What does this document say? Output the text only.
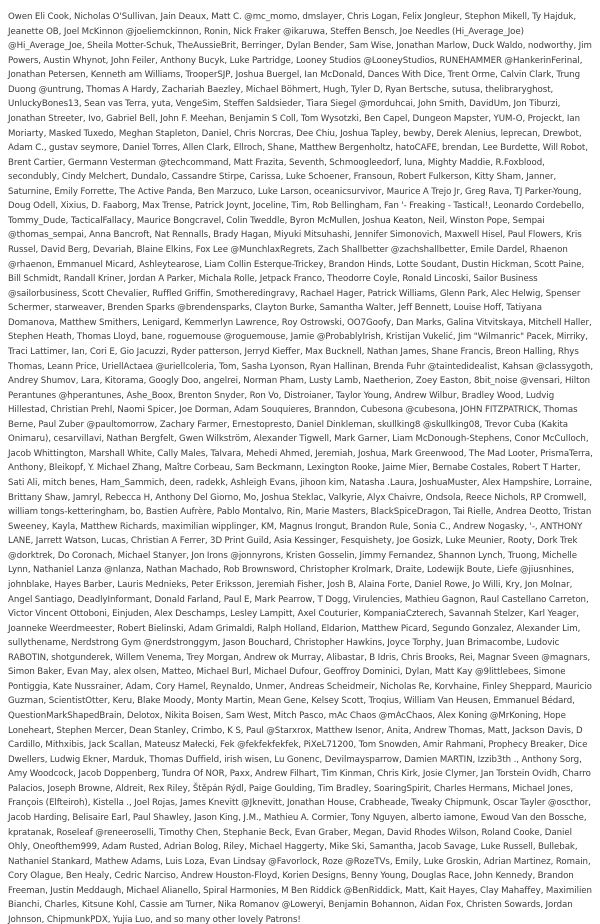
Owen Eli Cook, Nicholas O'Sullivan, Jain Deaux, Matt C. @mc_momo, dmslayer, Chris Logan, Felix Jongleur, Stephon Mikell, Ty Hajduk, Jeanette OB, Joel McKinnon @joeliemckinnon, Ronin, Nick Fraker @ikaruwa, Steffen Bensch, Joe Needles (Hi_Average_Joe) @Hi_Average_Joe, Sheila Motter-Schuk, TheAussieBrit, Berringer, Dylan Bender, Sam Wise, Jonathan Marlow, Duck Waldo, nodworthy, Jim Powers, Austin Whynot, John Feiler, Anthony Bucyk, Luke Partridge, Looney Studios @LooneyStudios, RUNEHAMMER @HankerinFerinal, Jonathan Petersen, Kenneth am Williams, TrooperSJP, Joshua Buergel, Ian McDonald, Dances With Dice, Trent Orme, Calvin Clark, Trung Duong @untrung, Thomas A Hardy, Zachariah Baezley, Michael Böhmert, Hugh, Tyler D, Ryan Bertsche, sutusa, thelibraryghost, UnluckyBones13, Sean vas Terra, yuta, VengeSim, Steffen Saldsieder, Tiara Siegel @morduhcai, John Smith, DavidUm, Jon Tiburzi, Jonathan Streeter, Ivo, Gabriel Bell, John F. Meehan, Benjamin S Coll, Tom Wysotzki, Ben Capel, Dungeon Mapster, YUM-O, Projeckt, Ian Moriarty, Masked Tuxedo, Meghan Stapleton, Daniel, Chris Norcras, Dee Chiu, Joshua Tapley, bewby, Derek Alenius, leprecan, Drewbot, Adam C., gustav seymore, Daniel Torres, Allen Clark, Ellroch, Shane, Matthew Bergenholtz, hatoCAFE, brendan, Lee Burdette, Will Robot, Brent Cartier, Germann Vesterman @techcommand, Matt Frazita, Seventh, Schmoogleedorf, luna, Mighty Maddie, R.Foxblood, secondubly, Cindy Melchert, Dundalo, Cassandre Stirpe, Carissa, Luke Schoener, Fransoun, Robert Fulkerson, Kitty Sham, Janner, Saturnine, Emily Forrette, The Active Panda, Ben Marzuco, Luke Larson, oceanicsurvivor, Maurice A Trejo Jr, Greg Rava, TJ Parker-Young, Doug Odell, Xixius, D. Faaborg, Max Trense, Patrick Joynt, Joceline, Tim, Rob Bellingham, Fan '- Freaking - Tastical!, Leonardo Cordebello, Tommy_Dude, TacticalFallacy, Maurice Bongcravel, Colin Tweddle, Byron McMullen, Joshua Keaton, Neil, Winston Pope, Sempai @thomas_sempai, Anna Bancroft, Nat Rennalls, Brady Hagan, Miyuki Mitsuhashi, Jennifer Simonovich, Maxwell Hisel, Paul Flowers, Kris Russel, David Berg, Devariah, Blaine Elkins, Fox Lee @MunchlaxRegrets, Zach Shallbetter @zachshallbetter, Emile Dardel, Rhaenon @rhaenon, Emmanuel Micard, Ashleytearose, Liam Collin Esterque-Trickey, Brandon Hinds, Lotte Soudant, Dustin Hickman, Scott Paine, Bill Schmidt, Randall Kriner, Jordan A Parker, Michala Rolle, Jetpack Franco, Theodorre Coyle, Ronald Lincoski, Sailor Business @sailorbusiness, Scott Chevalier, Ruffled Griffin, Smotheredingravy, Rachael Hager, Patrick Williams, Glenn Park, Alec Helwig, Spenser Schermer, starweaver, Brenden Sparks @brendensparks, Clayton Burke, Samantha Walter, Jeff Bennett, Louise Hoff, Tatiyana Domanova, Matthew Smithers, Lenigard, Kemmerlyn Lawrence, Roy Ostrowski, OO7Goofy, Dan Marks, Galina Vitvitskaya, Mitchell Haller, Stephen Heath, Thomas Lloyd, bane, roguemouse @roguemouse, Jamie @ProbablyIrish, Kristijan Vukelić, Jim "Wilmanric" Pacek, Mirriky, Traci Lattimer, Ian, Cori E, Gio Jacuzzi, Ryder patterson, Jerryd Kieffer, Max Bucknell, Nathan James, Shane Francis, Breon Halling, Rhys Thomas, Leann Price, UriellActaea @uriellcoleria, Tom, Sasha Lyonson, Ryan Hallinan, Brenda Fuhr @taintedidealist, Kahsan @classygoth, Andrey Shumov, Lara, Kitorama, Googly Doo, angelrei, Norman Pham, Lusty Lamb, Naetherion, Zoey Easton, 8bit_noise @vensari, Hilton Perantunes @hperantunes, Ashe_Boox, Brenton Snyder, Ron Vo, Distroianer, Taylor Young, Andrew Wilbur, Bradley Wood, Ludvig Hillestad, Christian Prehl, Naomi Spicer, Joe Dorman, Adam Souquieres, Branndon, Cubesona @cubesona, JOHN FITZPATRICK, Thomas Berne, Paul Zuber @paultomorrow, Zachary Farmer, Ernestopresto, Daniel Dinkleman, skullking8 @skullking08, Trevor Cuba (Kakita Onimaru), cesarvillavi, Nathan Bergfelt, Gwen Wilkström, Alexander Tigwell, Mark Garner, Liam McDonough-Stephens, Conor McCulloch, Jacob Whittington, Marshall White, Cally Males, Talvara, Mehedi Ahmed, Jeremiah, Joshua, Mark Greenwood, The Mad Looter, PrismaTerra, Anthony, Bleikopf, Y. Michael Zhang, Maître Corbeau, Sam Beckmann, Lexington Rooke, Jaime Mier, Bernabe Costales, Robert T Harter, Sati Ali, mitch benes, Ham_Sammich, deen, radekk, Ashleigh Evans, jihoon kim, Natasha .Laura, JoshuaMuster, Alex Hampshire, Lorraine, Brittany Shaw, Jamryl, Rebecca H, Anthony Del Giorno, Mo, Joshua Steklac, Valkyrie, Alyx Chaivre, Ondsola, Reece Nichols, RP Cromwell, william tongs-ketteringham, bo, Bastien Aufrère, Pablo Montalvo, Rin, Marie Masters, BlackSpiceDragon, Tai Rielle, Andrea Deotto, Tristan Sweeney, Kayla, Matthew Richards, maximilian wipplinger, KM, Magnus Irongut, Brandon Rule, Sonia C., Andrew Nogasky, '-, ANTHONY LANE, Jarrett Watson, Lucas, Christian A Ferrer, 3D Print Guild, Asia Kessinger, Fesquishety, Joe Gosizk, Luke Meunier, Rooty, Dork Trek @dorktrek, Do Coronach, Michael Stanyer, Jon Irons @jonnyrons, Kristen Gosselin, Jimmy Fernandez, Shannon Lynch, Truong, Michelle Lynn, Nathaniel Lanza @nlanza, Nathan Machado, Rob Brownsword, Christopher Krolmark, Draite, Lodewijk Boute, Liefe @jiusnhines, johnblake, Hayes Barber, Lauris Mednieks, Peter Eriksson, Jeremiah Fisher, Josh B, Alaina Forte, Daniel Rowe, Jo Willi, Kry, Jon Molnar, Angel Santiago, DeadlyInformant, Donald Farland, Paul E, Mark Pearrow, T Dogg, Virulencies, Mathieu Gagnon, Raul Castellano Carreton, Victor Vincent Ottoboni, Einjuden, Alex Deschamps, Lesley Lampitt, Axel Couturier, KompaniaCzterech, Savannah Stelzer, Karl Yeager, Joanneke Weerdmeester, Robert Bielinski, Adam Grimaldi, Ralph Holland, Eldarion, Matthew Picard, Segundo Gonzalez, Alexander Lim, sullythename, Nerdstrong Gym @nerdstronggym, Jason Bouchard, Christopher Hawkins, Joyce Torphy, Juan Brimacombe, Ludovic RABOTIN, shotgunderek, Willem Venema, Trey Morgan, Andrew ok Murray, Alibastar, B Idris, Chris Brooks, Rei, Magnar Sveen @magnars, Simon Baker, Evan May, alex olsen, Matteo, Michael Burl, Michael Dufour, Geoffroy Dominici, Dylan, Matt Kay @9littlebees, Simone Pontiggia, Kate Nussrainer, Adam, Cory Hamel, Reynaldo, Unmer, Andreas Scheidmeir, Nicholas Re, Korvhaine, Finley Sheppard, Mauricio Guzman, ScientistOtter, Keru, Blake Moody, Monty Martin, Mean Gene, Kelsey Scott, Troqius, William Van Heusen, Emmanuel Bédard, QuestionMarkShapedBrain, Delotox, Nikita Boisen, Sam West, Mitch Pasco, mAc Chaos @mAcChaos, Alex Koning @MrKoning, Hope Loneheart, Stephen Mercer, Dean Stanley, Crimbo, K S, Paul @Starxrox, Matthew Isenor, Anita, Andrew Thomas, Matt, Jackson Davis, D Cardillo, Mithxibis, Jack Scallan, Mateusz Małecki, Fek @fekfekfekfek, PiXeL71200, Tom Snowden, Amir Rahmani, Prophecy Breaker, Dice Dwellers, Ludwig Ekner, Marduk, Thomas Duffield, irish wisen, Lu Gonenc, Devilmaysparrow, Damien MARTIN, Izzib3th ., Anthony Sorg, Amy Woodcock, Jacob Doppenberg, Tundra Of NOR, Paxx, Andrew Filhart, Tim Kinman, Chris Kirk, Josie Clymer, Jan Torstein Ovidh, Charro Palacios, Joseph Browne, Aldreit, Rex Riley, Štěpán Rýdl, Paige Goulding, Tim Bradley, SoaringSpirit, Charles Hermans, Michael Jones, François (Elfteiroh), Kistella ., Joel Rojas, James Knevitt @Jknevitt, Jonathan House, Crabheade, Tweaky Chipmunk, Oscar Tayler @oscthor, Jacob Harding, Belisaire Earl, Paul Shawley, Jason King, J.M., Mathieu A. Cormier, Tony Nguyen, alberto iamone, Ewoud Van den Bossche, kpratanak, Roseleaf @reneeroselli, Timothy Chen, Stephanie Beck, Evan Graber, Megan, David Rhodes Wilson, Roland Cooke, Daniel Ohly, Oneofthem999, Adam Rusted, Adrian Bolog, Riley, Michael Haggerty, Mike Ski, Samantha, Jacob Savage, Luke Russell, Bullebak, Nathaniel Stankard, Mathew Adams, Luis Loza, Evan Lindsay @Favorlock, Roze @RozeTVs, Emily, Luke Groskin, Adrian Martinez, Romain, Cory Olague, Ben Healy, Cedric Narciso, Andrew Houston-Floyd, Korien Designs, Benny Young, Douglas Race, John Kennedy, Brandon Freeman, Justin Meddaugh, Michael Alianello, Spiral Harmonies, M Ben Riddick @BenRiddick, Matt, Kait Hayes, Clay Mahaffey, Maximilien Bianchi, Charles, Kitsune Kohl, Cassie am Turner, Nika Romanov @Loweryi, Benjamin Bohannon, Aidan Fox, Christen Sowards, Jordan Johnson, ChipmunkPDX, Yujia Luo, and so many other lovely Patrons!
